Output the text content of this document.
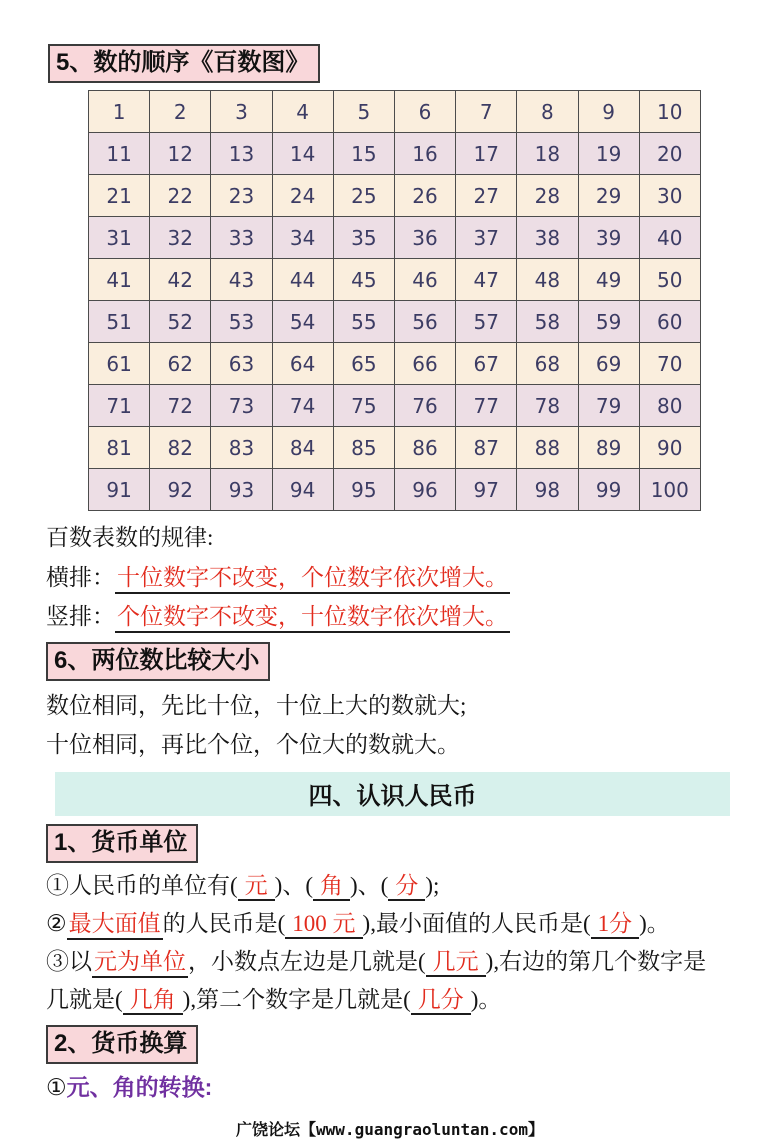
5、数的顺序《百数图》
1	2	3	4	5	6	7	8	9	10
11	12	13	14	15	16	17	18	19	20
21	22	23	24	25	26	27	28	29	30
31	32	33	34	35	36	37	38	39	40
41	42	43	44	45	46	47	48	49	50
51	52	53	54	55	56	57	58	59	60
61	62	63	64	65	66	67	68	69	70
71	72	73	74	75	76	77	78	79	80
81	82	83	84	85	86	87	88	89	90
91	92	93	94	95	96	97	98	99	100

百数表数的规律:

横排：十位数字不改变，个位数字依次增大。

竖排：个位数字不改变，十位数字依次增大。

6、两位数比较大小

数位相同，先比十位，十位上大的数就大;

十位相同，再比个位，个位大的数就大。

四、认识人民币
1、货币单位

①人民币的单位有( 元 )、( 角 )、( 分 );

②最大面值的人民币是( 100 元 ),最小面值的人民币是( 1分 )。

③以元为单位，小数点左边是几就是( 几元 ),右边的第几个数字是

几就是( 几角 ),第二个数字是几就是( 几分 )。

2、货币换算

①元、角的转换:

广饶论坛【www.guangraoluntan.com】
